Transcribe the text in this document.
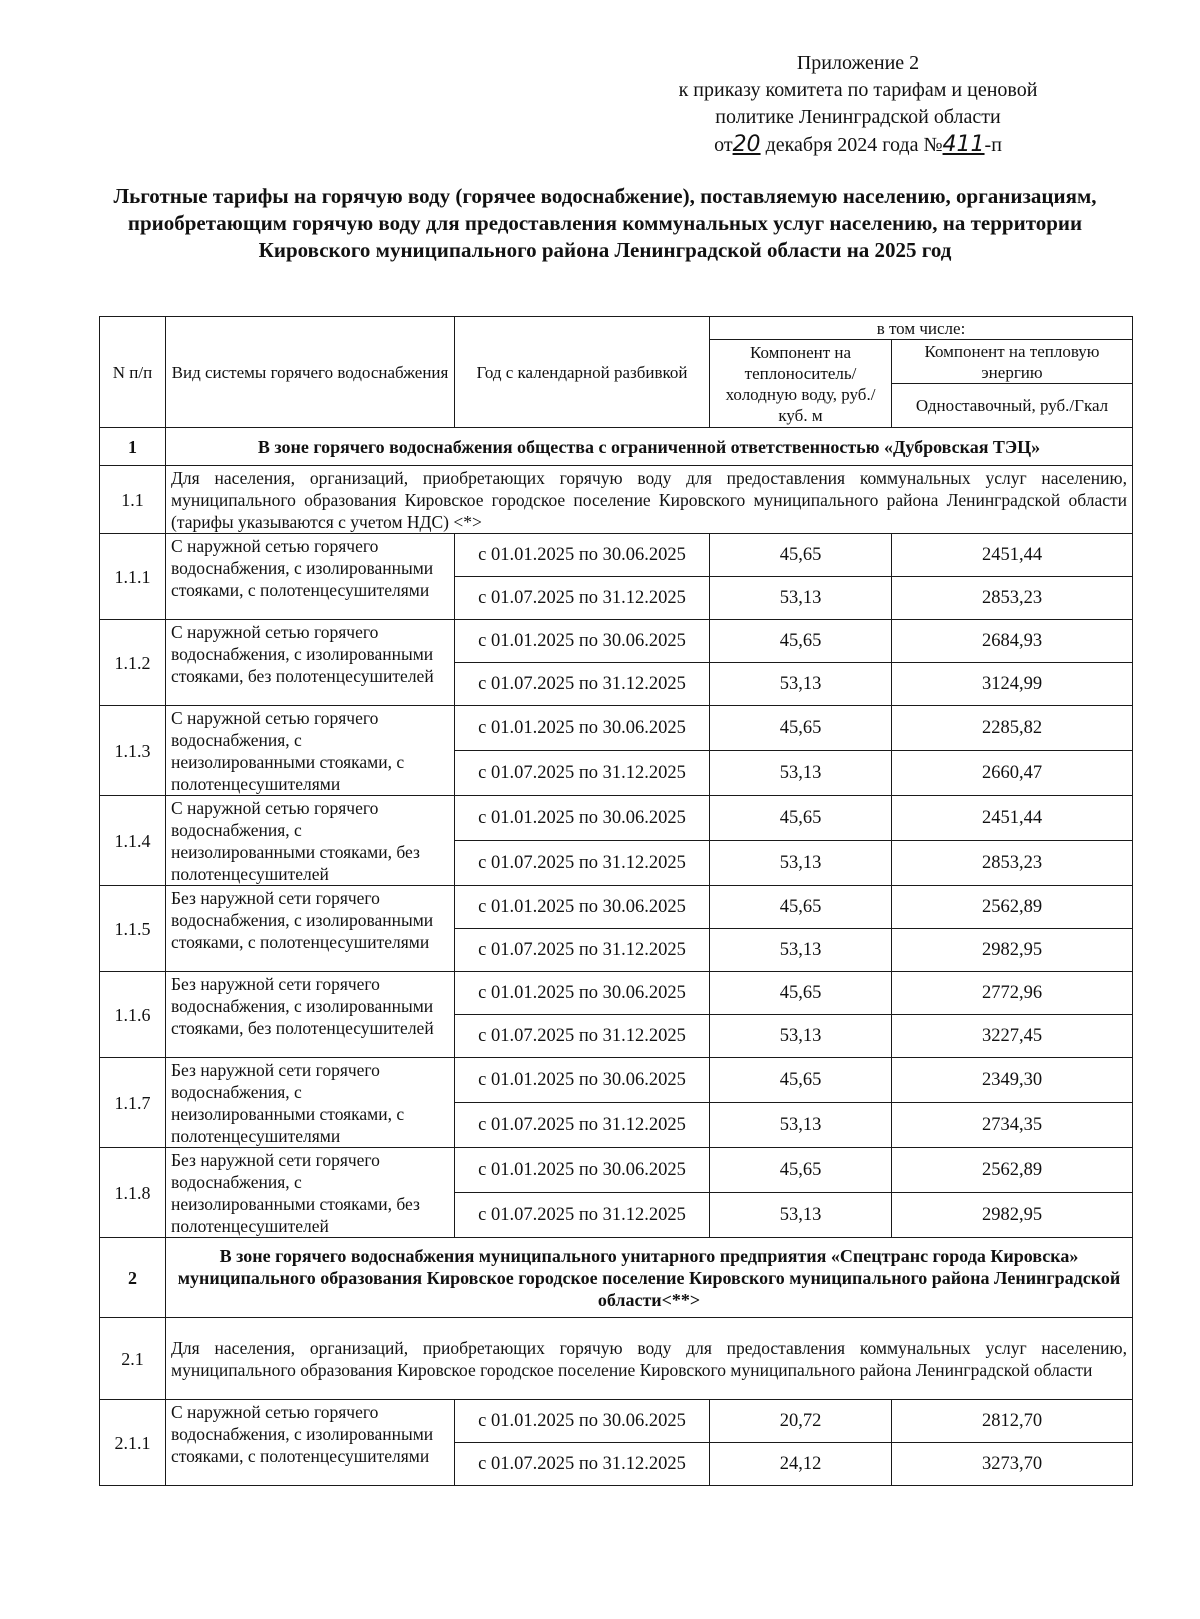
Приложение 2
к приказу комитета по тарифам и ценовой
политике Ленинградской области
от20 декабря 2024 года №411-п
Льготные тарифы на горячую воду (горячее водоснабжение), поставляемую населению, организациям, приобретающим горячую воду для предоставления коммунальных услуг населению, на территории Кировского муниципального района Ленинградской области на 2025 год
N п/п	Вид системы горячего водоснабжения	Год с календарной разбивкой	в том числе:	
			Компонент на теплоноситель/ холодную воду, руб./куб. м	Компонент на тепловую энергию
				Одноставочный, руб./Гкал
1	В зоне горячего водоснабжения общества с ограниченной ответственностью «Дубровская ТЭЦ»			
1.1	Для населения, организаций, приобретающих горячую воду для предоставления коммунальных услуг населению, муниципального образования Кировское городское поселение Кировского муниципального района Ленинградской области (тарифы указываются с учетом НДС) <*>			
1.1.1	С наружной сетью горячего водоснабжения, с изолированными стояками, с полотенцесушителями	с 01.01.2025 по 30.06.2025	45,65	2451,44
		с 01.07.2025 по 31.12.2025	53,13	2853,23
1.1.2	С наружной сетью горячего водоснабжения, с изолированными стояками, без полотенцесушителей	с 01.01.2025 по 30.06.2025	45,65	2684,93
		с 01.07.2025 по 31.12.2025	53,13	3124,99
1.1.3	С наружной сетью горячего водоснабжения, с неизолированными стояками, с полотенцесушителями	с 01.01.2025 по 30.06.2025	45,65	2285,82
		с 01.07.2025 по 31.12.2025	53,13	2660,47
1.1.4	С наружной сетью горячего водоснабжения, с неизолированными стояками, без полотенцесушителей	с 01.01.2025 по 30.06.2025	45,65	2451,44
		с 01.07.2025 по 31.12.2025	53,13	2853,23
1.1.5	Без наружной сети горячего водоснабжения, с изолированными стояками, с полотенцесушителями	с 01.01.2025 по 30.06.2025	45,65	2562,89
		с 01.07.2025 по 31.12.2025	53,13	2982,95
1.1.6	Без наружной сети горячего водоснабжения, с изолированными стояками, без полотенцесушителей	с 01.01.2025 по 30.06.2025	45,65	2772,96
		с 01.07.2025 по 31.12.2025	53,13	3227,45
1.1.7	Без наружной сети горячего водоснабжения, с неизолированными стояками, с полотенцесушителями	с 01.01.2025 по 30.06.2025	45,65	2349,30
		с 01.07.2025 по 31.12.2025	53,13	2734,35
1.1.8	Без наружной сети горячего водоснабжения, с неизолированными стояками, без полотенцесушителей	с 01.01.2025 по 30.06.2025	45,65	2562,89
		с 01.07.2025 по 31.12.2025	53,13	2982,95
2	В зоне горячего водоснабжения муниципального унитарного предприятия «Спецтранс города Кировска» муниципального образования Кировское городское поселение Кировского муниципального района Ленинградской области<**>			
2.1	Для населения, организаций, приобретающих горячую воду для предоставления коммунальных услуг населению, муниципального образования Кировское городское поселение Кировского муниципального района Ленинградской области			
2.1.1	С наружной сетью горячего водоснабжения, с изолированными стояками, с полотенцесушителями	с 01.01.2025 по 30.06.2025	20,72	2812,70
		с 01.07.2025 по 31.12.2025	24,12	3273,70
